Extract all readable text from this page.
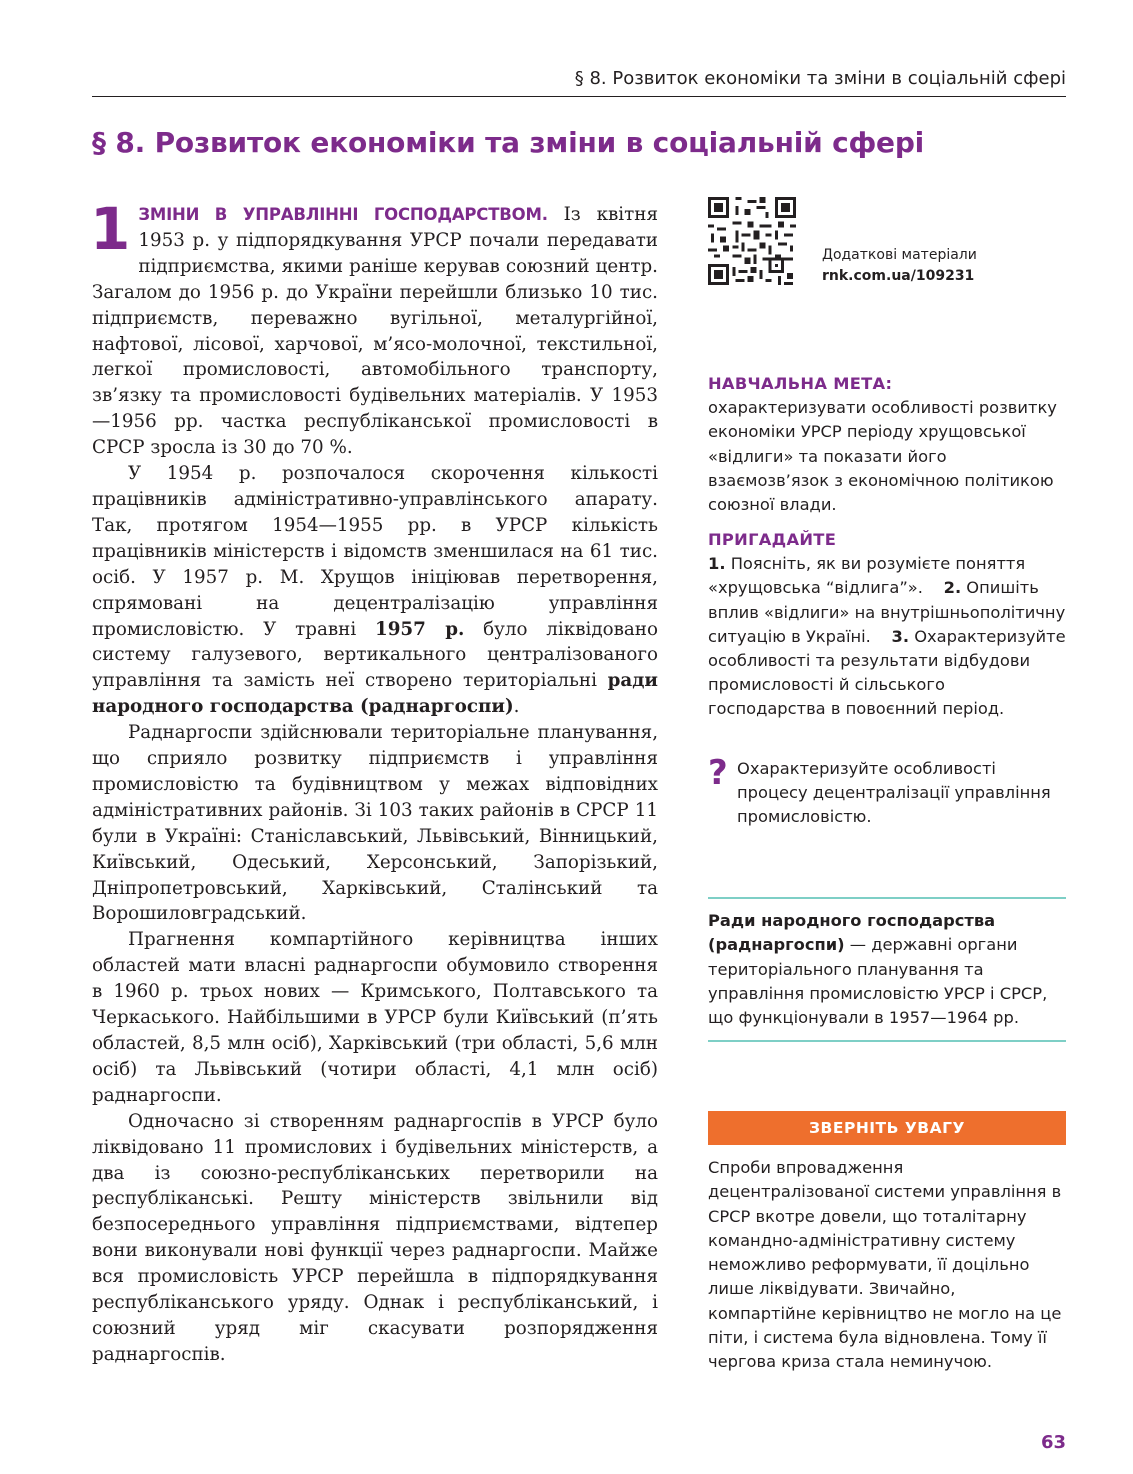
§ 8. Розвиток економіки та зміни в соціальній сфері
§ 8. Розвиток економіки та зміни в соціальній сфері

1 ЗМІНИ В УПРАВЛІННІ ГОСПОДАРСТВОМ. Із квітня 1953 р. у підпорядкування УРСР почали передавати підприємства, якими раніше керував союзний центр. Загалом до 1956 р. до України перейшли близько 10 тис. підприємств, переважно вугільної, металургійної, нафтової, лісової, харчової, м’ясо-молочної, текстильної, легкої промисловості, автомобільного транспорту, зв’язку та промисловості будівельних матеріалів. У 1953—1956 рр. частка республіканської промисловості в СРСР зросла із 30 до 70 %.

У 1954 р. розпочалося скорочення кількості працівників адміністративно-управлінського апарату. Так, протягом 1954—1955 рр. в УРСР кількість працівників міністерств і відомств зменшилася на 61 тис. осіб. У 1957 р. М. Хрущов ініціював перетворення, спрямовані на децентралізацію управління промисловістю. У травні 1957 р. було ліквідовано систему галузевого, вертикального централізованого управління та замість неї створено територіальні ради народного господарства (раднаргоспи).

Раднаргоспи здійснювали територіальне планування, що сприяло розвитку підприємств і управління промисловістю та будівництвом у межах відповідних адміністративних районів. Зі 103 таких районів в СРСР 11 були в Україні: Станіславський, Львівський, Вінницький, Київський, Одеський, Херсонський, Запорізький, Дніпропетровський, Харківський, Сталінський та Ворошиловградський.

Прагнення компартійного керівництва інших областей мати власні раднаргоспи обумовило створення в 1960 р. трьох нових — Кримського, Полтавського та Черкаського. Найбільшими в УРСР були Київський (п’ять областей, 8,5 млн осіб), Харківський (три області, 5,6 млн осіб) та Львівський (чотири області, 4,1 млн осіб) раднаргоспи.

Одночасно зі створенням раднаргоспів в УРСР було ліквідовано 11 промислових і будівельних міністерств, а два із союзно-республіканських перетворили на республіканські. Решту міністерств звільнили від безпосереднього управління підприємствами, відтепер вони виконували нові функції через раднаргоспи. Майже вся промисловість УРСР перейшла в підпорядкування республіканського уряду. Однак і республіканський, і союзний уряд міг скасувати розпорядження раднаргоспів.

Додаткові матеріали
rnk.com.ua/109231

НАВЧАЛЬНА МЕТА:

охарактеризувати особливості розвитку економіки УРСР періоду хрущовської «відлиги» та показати його взаємозв’язок з економічною політикою союзної влади.

ПРИГАДАЙТЕ

1. Поясніть, як ви розумієте поняття «хрущовська “відлига”». 2. Опишіть вплив «відлиги» на внутрішньополітичну ситуацію в Україні. 3. Охарактеризуйте особливості та результати відбудови промисловості й сільського господарства в повоєнний період.

? Охарактеризуйте особливості процесу децентралізації управління промисловістю.
Ради народного господарства (раднаргоспи) — державні органи територіального планування та управління промисловістю УРСР і СРСР, що функціонували в 1957—1964 рр.
ЗВЕРНІТЬ УВАГУ
Спроби впровадження децентралізованої системи управління в СРСР вкотре довели, що тоталітарну командно-адміністративну систему неможливо реформувати, її доцільно лише ліквідувати. Звичайно, компартійне керівництво не могло на це піти, і система була відновлена. Тому її чергова криза стала неминучою.
63
